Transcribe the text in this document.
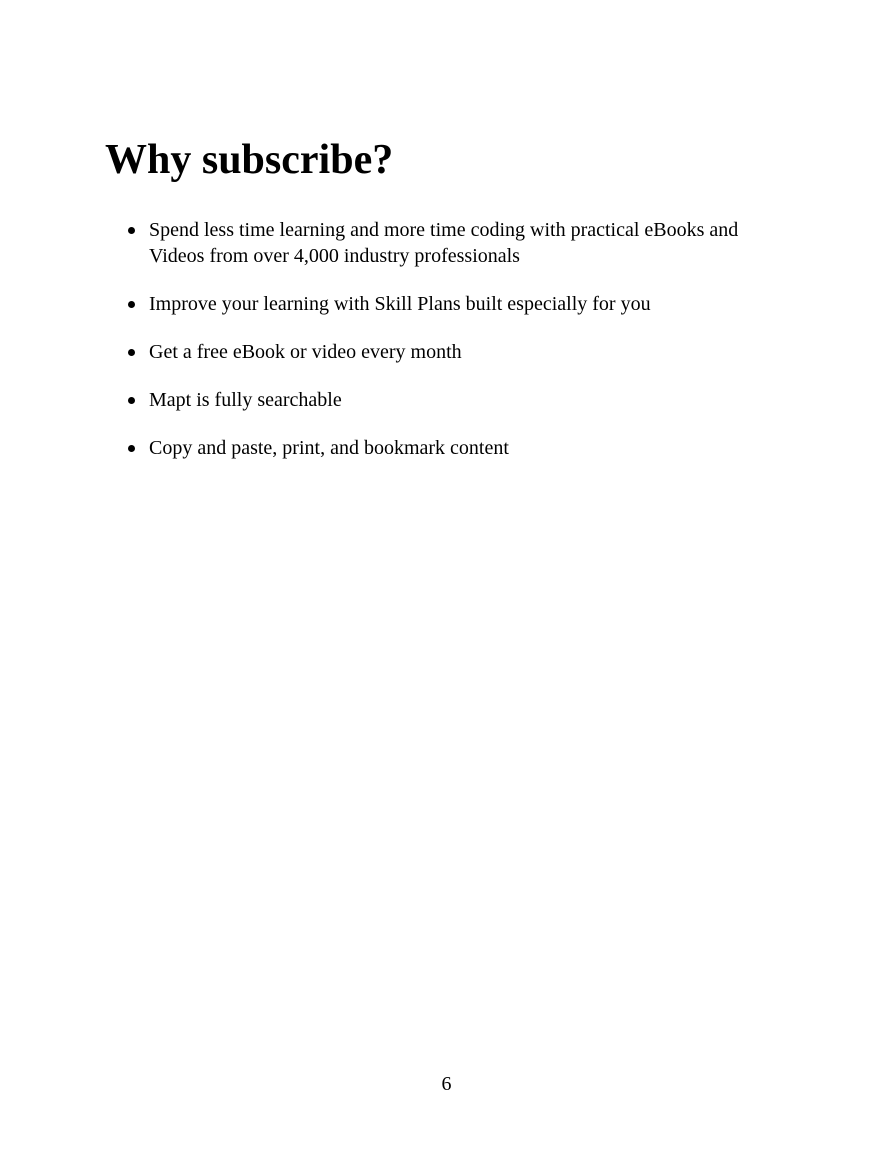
Why subscribe?
Spend less time learning and more time coding with practical eBooks and Videos from over 4,000 industry professionals
Improve your learning with Skill Plans built especially for you
Get a free eBook or video every month
Mapt is fully searchable
Copy and paste, print, and bookmark content
6
